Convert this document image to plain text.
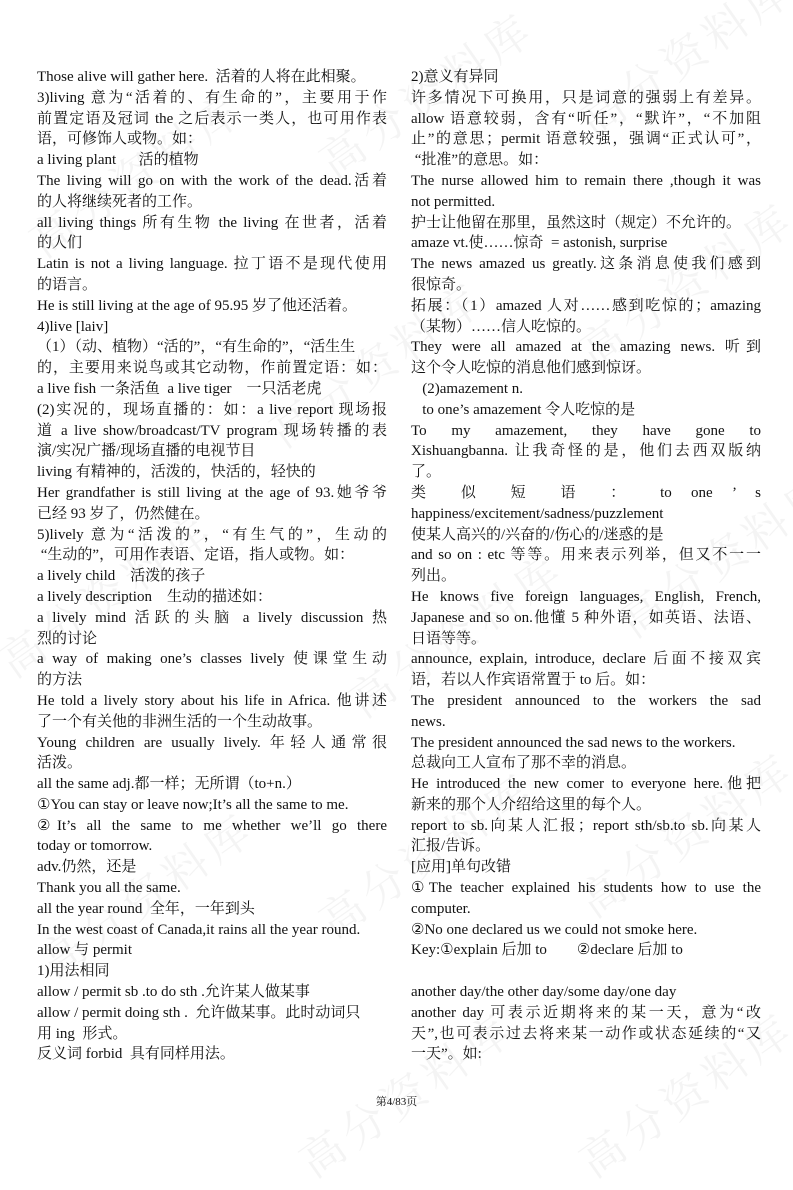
Those alive will gather here.  活着的人将在此相聚。
3)living 意为“活着的、有生命的”，主要用于作
前置定语及冠词 the 之后表示一类人，也可用作表
语，可修饰人或物。如：
a living plant      活的植物
The living will go on with the work of the dead.活着
的人将继续死者的工作。
all living things 所有生物 the living 在世者，活着
的人们
Latin is not a living language. 拉丁语不是现代使用
的语言。
He is still living at the age of 95.95 岁了他还活着。
4)live [laiv]
（1）（动、植物）“活的”，“有生命的”，“活生生
的，主要用来说鸟或其它动物，作前置定语：如：
a live fish 一条活鱼  a live tiger    一只活老虎
(2)实况的，现场直播的：如：a live report 现场报
道 a live show/broadcast/TV program 现场转播的表
演/实况广播/现场直播的电视节目
living 有精神的，活泼的，快活的，轻快的
Her grandfather is still living at the age of 93.她爷爷
已经 93 岁了，仍然健在。
5)lively 意为“活泼的”，“有生气的”，生动的
“生动的”，可用作表语、定语，指人或物。如：
a lively child    活泼的孩子
a lively description    生动的描述如：
a lively mind 活跃的头脑 a lively discussion 热
烈的讨论
a way of making one’s classes lively 使课堂生动
的方法
He told a lively story about his life in Africa. 他讲述
了一个有关他的非洲生活的一个生动故事。
Young children are usually lively. 年轻人通常很
活泼。
all the same adj.都一样；无所谓（to+n.）
①You can stay or leave now;It’s all the same to me.
②It’s all the same to me whether we’ll go there
today or tomorrow.
adv.仍然，还是
Thank you all the same.
all the year round  全年，一年到头
In the west coast of Canada,it rains all the year round.
allow 与 permit
1)用法相同
allow / permit sb .to do sth .允许某人做某事
allow / permit doing sth .  允许做某事。此时动词只
用 ing  形式。
反义词 forbid  具有同样用法。
2)意义有异同
许多情况下可换用，只是词意的强弱上有差异。
allow 语意较弱，含有“听任”，“默许”，“不加阻
止”的意思；permit 语意较强，强调“正式认可”，
“批准”的意思。如：
The nurse allowed him to remain there ,though it was
not permitted.
护士让他留在那里，虽然这时（规定）不允许的。
amaze vt.使……惊奇  = astonish, surprise
The news amazed us greatly.这条消息使我们感到
很惊奇。
拓展：（1）amazed 人对……感到吃惊的；amazing
（某物）……信人吃惊的。
They were all amazed at the amazing news. 听到
这个令人吃惊的消息他们感到惊讶。
(2)amazement n.
to one’s amazement 令人吃惊的是
To my amazement, they have gone to
Xishuangbanna. 让我奇怪的是，他们去西双版纳
了。
类 似 短 语 ： to one ’ s
happiness/excitement/sadness/puzzlement
使某人高兴的/兴奋的/伤心的/迷惑的是
and so on : etc 等等。用来表示列举，但又不一一
列出。
He knows five foreign languages, English, French,
Japanese and so on.他懂 5 种外语，如英语、法语、
日语等等。
announce, explain, introduce, declare 后面不接双宾
语，若以人作宾语常置于 to 后。如：
The president announced to the workers the sad
news.
The president announced the sad news to the workers.
总裁向工人宣布了那不幸的消息。
He introduced the new comer to everyone here.他把
新来的那个人介绍给这里的每个人。
report to sb.向某人汇报；report sth/sb.to sb.向某人
汇报/告诉。
[应用]单句改错
①The teacher explained his students how to use the
computer.
②No one declared us we could not smoke here.
Key:①explain 后加 to        ②declare 后加 to
another day/the other day/some day/one day
another day 可表示近期将来的某一天，意为“改
天”,也可表示过去将来某一动作或状态延续的“又
一天”。如:
第4/83页
